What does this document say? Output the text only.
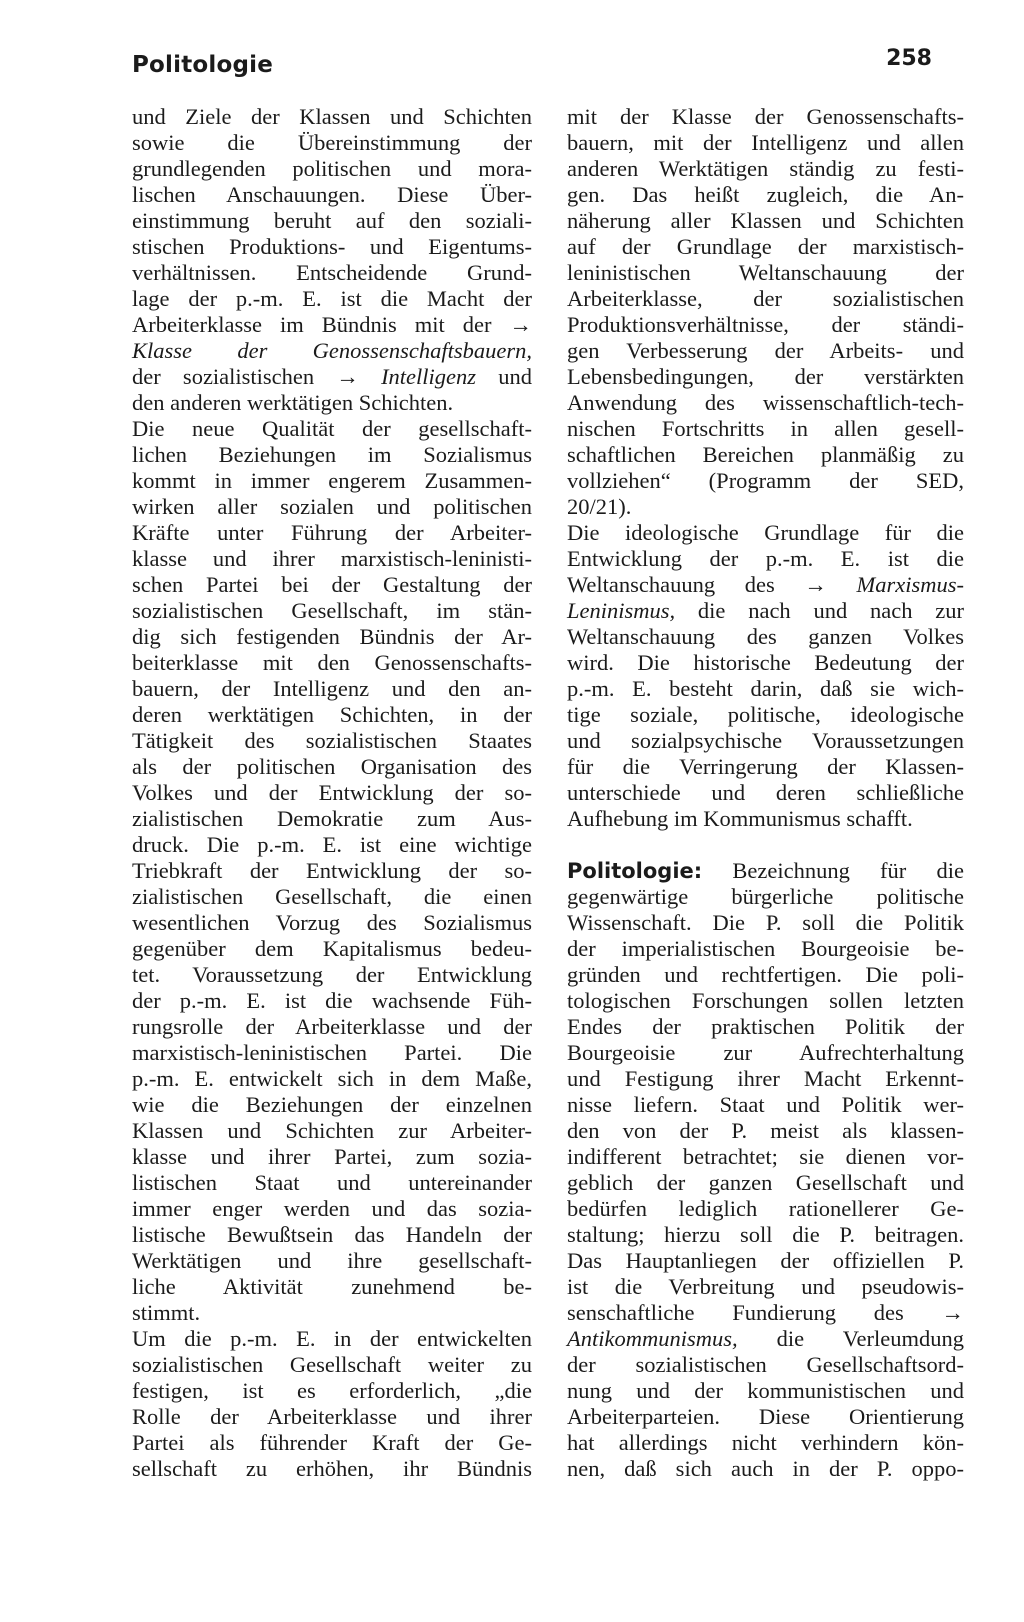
Politologie	258
und Ziele der Klassen und Schichten
sowie die Übereinstimmung der
grundlegenden politischen und mora-
lischen Anschauungen. Diese Über-
einstimmung beruht auf den soziali-
stischen Produktions- und Eigentums-
verhältnissen. Entscheidende Grund-
lage der p.-m. E. ist die Macht der
Arbeiterklasse im Bündnis mit der →
Klasse der Genossenschaftsbauern,
der sozialistischen → Intelligenz und
den anderen werktätigen Schichten.
Die neue Qualität der gesellschaft-
lichen Beziehungen im Sozialismus
kommt in immer engerem Zusammen-
wirken aller sozialen und politischen
Kräfte unter Führung der Arbeiter-
klasse und ihrer marxistisch-leninisti-
schen Partei bei der Gestaltung der
sozialistischen Gesellschaft, im stän-
dig sich festigenden Bündnis der Ar-
beiterklasse mit den Genossenschafts-
bauern, der Intelligenz und den an-
deren werktätigen Schichten, in der
Tätigkeit des sozialistischen Staates
als der politischen Organisation des
Volkes und der Entwicklung der so-
zialistischen Demokratie zum Aus-
druck. Die p.-m. E. ist eine wichtige
Triebkraft der Entwicklung der so-
zialistischen Gesellschaft, die einen
wesentlichen Vorzug des Sozialismus
gegenüber dem Kapitalismus bedeu-
tet. Voraussetzung der Entwicklung
der p.-m. E. ist die wachsende Füh-
rungsrolle der Arbeiterklasse und der
marxistisch-leninistischen Partei. Die
p.-m. E. entwickelt sich in dem Maße,
wie die Beziehungen der einzelnen
Klassen und Schichten zur Arbeiter-
klasse und ihrer Partei, zum sozia-
listischen Staat und untereinander
immer enger werden und das sozia-
listische Bewußtsein das Handeln der
Werktätigen und ihre gesellschaft-
liche Aktivität zunehmend be-
stimmt.
Um die p.-m. E. in der entwickelten
sozialistischen Gesellschaft weiter zu
festigen, ist es erforderlich, „die
Rolle der Arbeiterklasse und ihrer
Partei als führender Kraft der Ge-
sellschaft zu erhöhen, ihr Bündnis
mit der Klasse der Genossenschafts-
bauern, mit der Intelligenz und allen
anderen Werktätigen ständig zu festi-
gen. Das heißt zugleich, die An-
näherung aller Klassen und Schichten
auf der Grundlage der marxistisch-
leninistischen Weltanschauung der
Arbeiterklasse, der sozialistischen
Produktionsverhältnisse, der ständi-
gen Verbesserung der Arbeits- und
Lebensbedingungen, der verstärkten
Anwendung des wissenschaftlich-tech-
nischen Fortschritts in allen gesell-
schaftlichen Bereichen planmäßig zu
vollziehen“ (Programm der SED,
20/21).
Die ideologische Grundlage für die
Entwicklung der p.-m. E. ist die
Weltanschauung des → Marxismus-
Leninismus, die nach und nach zur
Weltanschauung des ganzen Volkes
wird. Die historische Bedeutung der
p.-m. E. besteht darin, daß sie wich-
tige soziale, politische, ideologische
und sozialpsychische Voraussetzungen
für die Verringerung der Klassen-
unterschiede und deren schließliche
Aufhebung im Kommunismus schafft.
Politologie: Bezeichnung für die
gegenwärtige bürgerliche politische
Wissenschaft. Die P. soll die Politik
der imperialistischen Bourgeoisie be-
gründen und rechtfertigen. Die poli-
tologischen Forschungen sollen letzten
Endes der praktischen Politik der
Bourgeoisie zur Aufrechterhaltung
und Festigung ihrer Macht Erkennt-
nisse liefern. Staat und Politik wer-
den von der P. meist als klassen-
indifferent betrachtet; sie dienen vor-
geblich der ganzen Gesellschaft und
bedürfen lediglich rationellerer Ge-
staltung; hierzu soll die P. beitragen.
Das Hauptanliegen der offiziellen P.
ist die Verbreitung und pseudowis-
senschaftliche Fundierung des →
Antikommunismus, die Verleumdung
der sozialistischen Gesellschaftsord-
nung und der kommunistischen und
Arbeiterparteien. Diese Orientierung
hat allerdings nicht verhindern kön-
nen, daß sich auch in der P. oppo-
